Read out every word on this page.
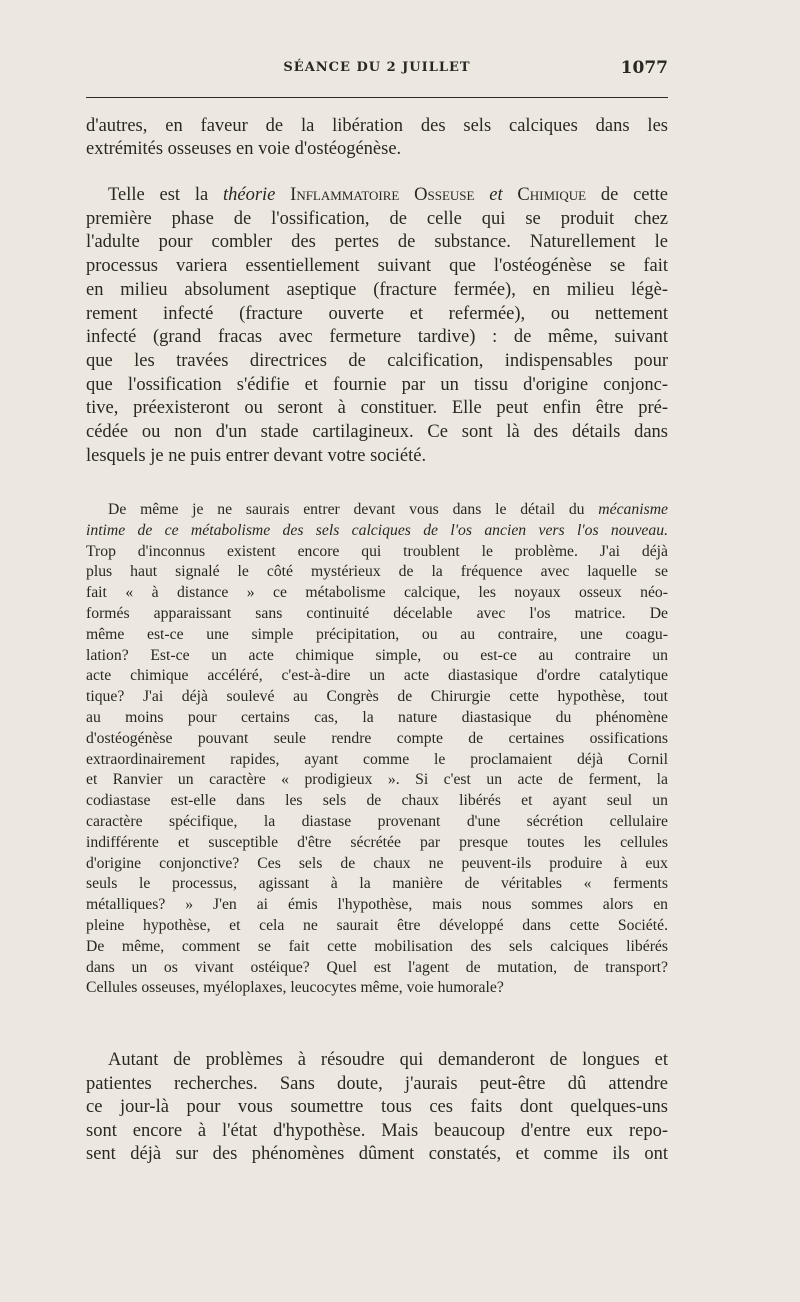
SÉANCE DU 2 JUILLET	1077
d'autres, en faveur de la libération des sels calciques dans les
extrémités osseuses en voie d'ostéogénèse.
Telle est la théorie Inflammatoire Osseuse et Chimique de cette
première phase de l'ossification, de celle qui se produit chez
l'adulte pour combler des pertes de substance. Naturellement le
processus variera essentiellement suivant que l'ostéogénèse se fait
en milieu absolument aseptique (fracture fermée), en milieu légè-
rement infecté (fracture ouverte et refermée), ou nettement
infecté (grand fracas avec fermeture tardive) : de même, suivant
que les travées directrices de calcification, indispensables pour
que l'ossification s'édifie et fournie par un tissu d'origine conjonc-
tive, préexisteront ou seront à constituer. Elle peut enfin être pré-
cédée ou non d'un stade cartilagineux. Ce sont là des détails dans
lesquels je ne puis entrer devant votre société.
De même je ne saurais entrer devant vous dans le détail du mécanisme
intime de ce métabolisme des sels calciques de l'os ancien vers l'os nouveau.
Trop d'inconnus existent encore qui troublent le problème. J'ai déjà
plus haut signalé le côté mystérieux de la fréquence avec laquelle se
fait « à distance » ce métabolisme calcique, les noyaux osseux néo-
formés apparaissant sans continuité décelable avec l'os matrice. De
même est-ce une simple précipitation, ou au contraire, une coagu-
lation? Est-ce un acte chimique simple, ou est-ce au contraire un
acte chimique accéléré, c'est-à-dire un acte diastasique d'ordre catalytique
tique? J'ai déjà soulevé au Congrès de Chirurgie cette hypothèse, tout
au moins pour certains cas, la nature diastasique du phénomène
d'ostéogénèse pouvant seule rendre compte de certaines ossifications
extraordinairement rapides, ayant comme le proclamaient déjà Cornil
et Ranvier un caractère « prodigieux ». Si c'est un acte de ferment, la
codiastase est-elle dans les sels de chaux libérés et ayant seul un
caractère spécifique, la diastase provenant d'une sécrétion cellulaire
indifférente et susceptible d'être sécrétée par presque toutes les cellules
d'origine conjonctive? Ces sels de chaux ne peuvent-ils produire à eux
seuls le processus, agissant à la manière de véritables « ferments
métalliques? » J'en ai émis l'hypothèse, mais nous sommes alors en
pleine hypothèse, et cela ne saurait être développé dans cette Société.
De même, comment se fait cette mobilisation des sels calciques libérés
dans un os vivant ostéique? Quel est l'agent de mutation, de transport?
Cellules osseuses, myéloplaxes, leucocytes même, voie humorale?
Autant de problèmes à résoudre qui demanderont de longues et
patientes recherches. Sans doute, j'aurais peut-être dû attendre
ce jour-là pour vous soumettre tous ces faits dont quelques-uns
sont encore à l'état d'hypothèse. Mais beaucoup d'entre eux repo-
sent déjà sur des phénomènes dûment constatés, et comme ils ont
